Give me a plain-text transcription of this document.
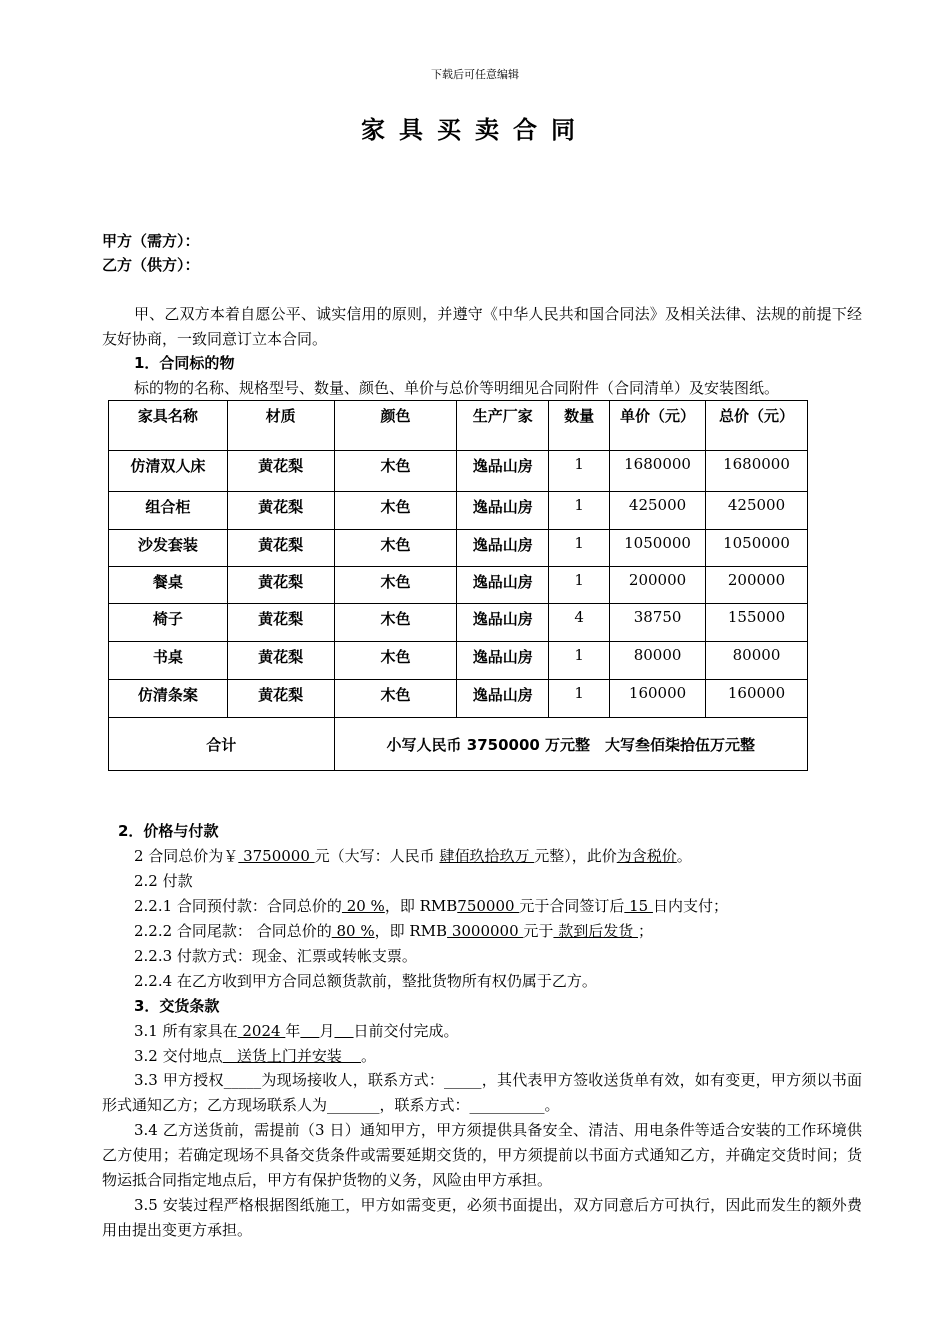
下载后可任意编辑
家具买卖合同
甲方（需方）：
乙方（供方）：
甲、乙双方本着自愿公平、诚实信用的原则，并遵守《中华人民共和国合同法》及相关法律、法规的前提下经友好协商，一致同意订立本合同。
1．合同标的物
标的物的名称、规格型号、数量、颜色、单价与总价等明细见合同附件（合同清单）及安装图纸。
家具名称	材质	颜色	生产厂家	数量	单价（元）	总价（元）
仿清双人床	黄花梨	木色	逸品山房	1	1680000	1680000
组合柜	黄花梨	木色	逸品山房	1	425000	425000
沙发套装	黄花梨	木色	逸品山房	1	1050000	1050000
餐桌	黄花梨	木色	逸品山房	1	200000	200000
椅子	黄花梨	木色	逸品山房	4	38750	155000
书桌	黄花梨	木色	逸品山房	1	80000	80000
仿清条案	黄花梨	木色	逸品山房	1	160000	160000
合计		小写人民币 3750000 万元整　大写叁佰柒拾伍万元整				
2．价格与付款
2 合同总价为￥ 3750000 元（大写：人民币 肆佰玖拾玖万 元整），此价为含税价。
2.2 付款
2.2.1 合同预付款：合同总价的 20 %，即 RMB750000 元于合同签订后 15 日内支付；
2.2.2 合同尾款： 合同总价的 80 %，即 RMB 3000000 元于 款到后发货 ；
2.2.3 付款方式：现金、汇票或转帐支票。
2.2.4 在乙方收到甲方合同总额货款前，整批货物所有权仍属于乙方。
3．交货条款
3.1 所有家具在 2024 年 月 日前交付完成。
3.2 交付地点   送货上门并安装    。
3.3 甲方授权_____为现场接收人，联系方式：_____，其代表甲方签收送货单有效，如有变更，甲方须以书面形式通知乙方；乙方现场联系人为_______，联系方式：__________。
3.4 乙方送货前，需提前（3 日）通知甲方，甲方须提供具备安全、清洁、用电条件等适合安装的工作环境供乙方使用；若确定现场不具备交货条件或需要延期交货的，甲方须提前以书面方式通知乙方，并确定交货时间；货物运抵合同指定地点后，甲方有保护货物的义务，风险由甲方承担。
3.5 安装过程严格根据图纸施工，甲方如需变更，必须书面提出，双方同意后方可执行，因此而发生的额外费用由提出变更方承担。
